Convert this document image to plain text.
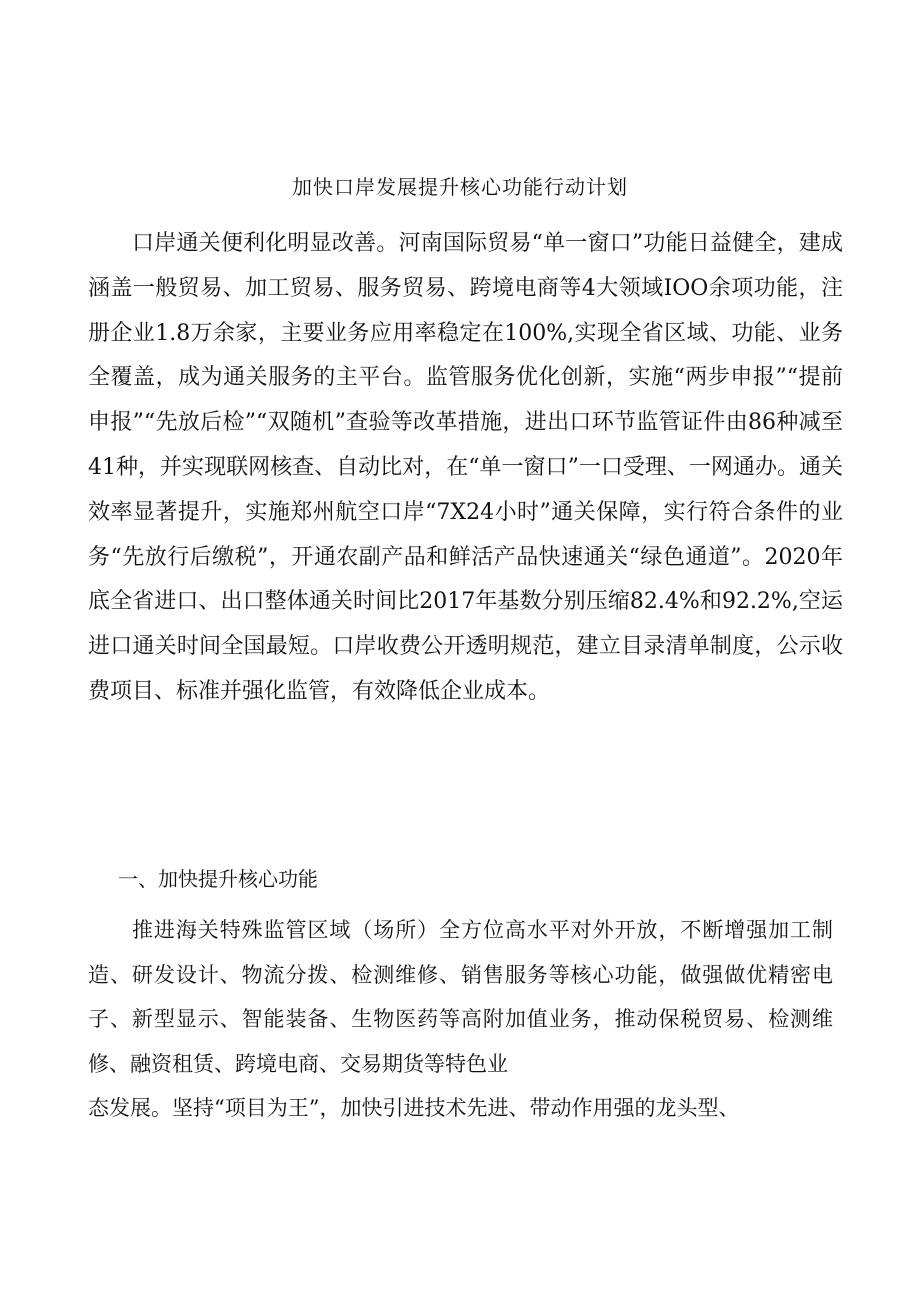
加快口岸发展提升核心功能行动计划

口岸通关便利化明显改善。河南国际贸易“单一窗口”功能日益健全，建成涵盖一般贸易、加工贸易、服务贸易、跨境电商等4大领域IOO余项功能，注册企业1.8万余家，主要业务应用率稳定在100%,实现全省区域、功能、业务全覆盖，成为通关服务的主平台。监管服务优化创新，实施“两步申报”“提前申报”“先放后检”“双随机”查验等改革措施，进出口环节监管证件由86种减至41种，并实现联网核查、自动比对，在“单一窗口”一口受理、一网通办。通关效率显著提升，实施郑州航空口岸“7X24小时”通关保障，实行符合条件的业务“先放行后缴税”，开通农副产品和鲜活产品快速通关“绿色通道”。2020年底全省进口、出口整体通关时间比2017年基数分别压缩82.4%和92.2%,空运进口通关时间全国最短。口岸收费公开透明规范，建立目录清单制度，公示收费项目、标准并强化监管，有效降低企业成本。

一、加快提升核心功能

推进海关特殊监管区域（场所）全方位高水平对外开放，不断增强加工制造、研发设计、物流分拨、检测维修、销售服务等核心功能，做强做优精密电子、新型显示、智能装备、生物医药等高附加值业务，推动保税贸易、检测维修、融资租赁、跨境电商、交易期货等特色业

态发展。坚持“项目为王”，加快引进技术先进、带动作用强的龙头型、
